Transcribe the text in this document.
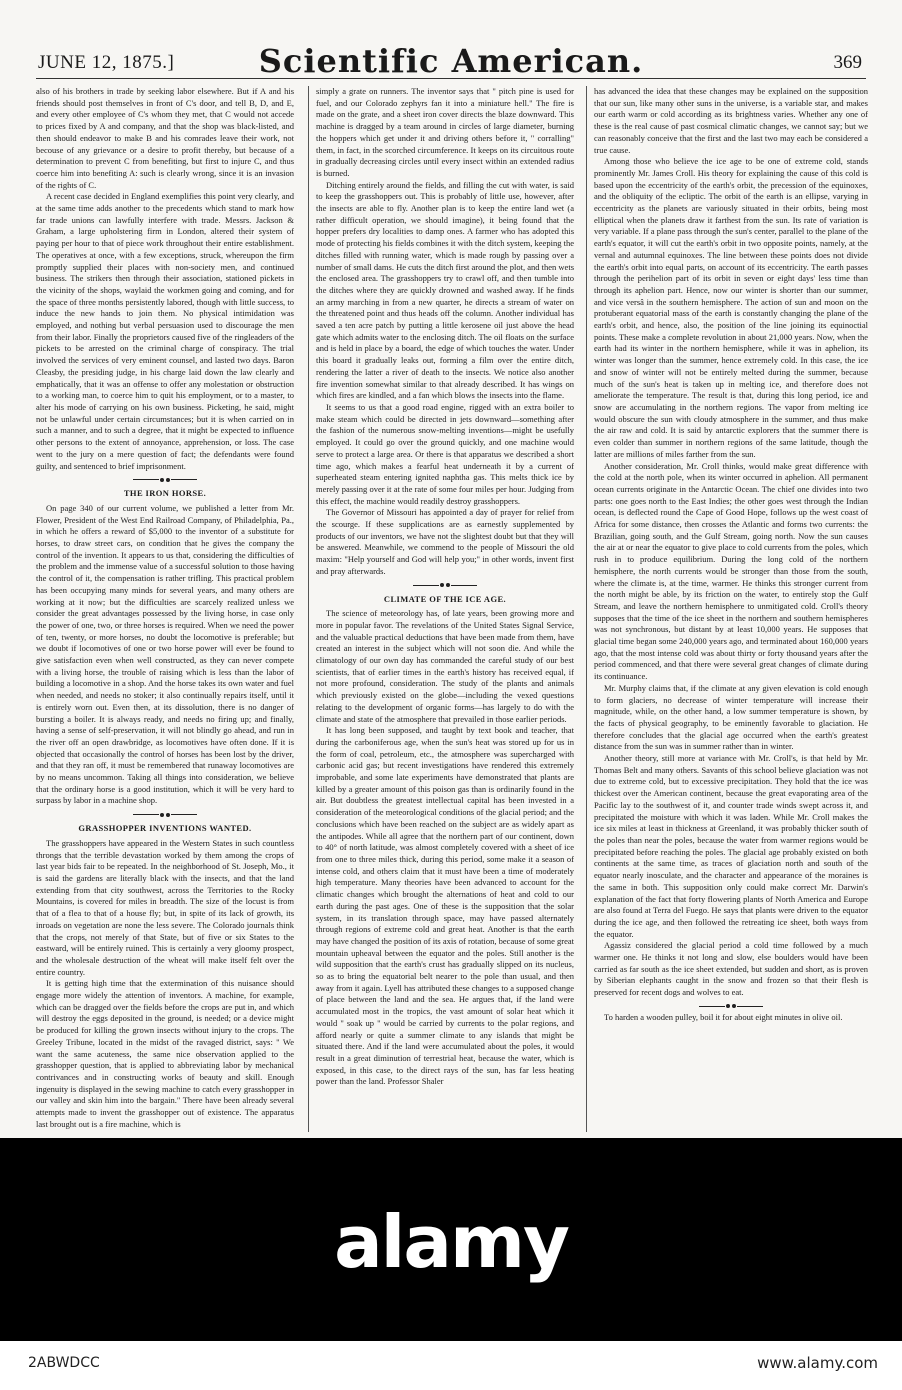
JUNE 12, 1875.]	Scientific American.	369

also of his brothers in trade by seeking labor elsewhere. But if A and his friends should post themselves in front of C's door, and tell B, D, and E, and every other employee of C's whom they met, that C would not accede to prices fixed by A and company, and that the shop was black-listed, and then should endeavor to make B and his comrades leave their work, not becouse of any grievance or a desire to profit thereby, but because of a determination to prevent C from benefiting, but first to injure C, and thus coerce him into benefiting A: such is clearly wrong, since it is an invasion of the rights of C.

A recent case decided in England exemplifies this point very clearly, and at the same time adds another to the precedents which stand to mark how far trade unions can lawfully interfere with trade. Messrs. Jackson & Graham, a large upholstering firm in London, altered their system of paying per hour to that of piece work throughout their entire establishment. The operatives at once, with a few exceptions, struck, whereupon the firm promptly supplied their places with non-society men, and continued business. The strikers then through their association, stationed pickets in the vicinity of the shops, waylaid the workmen going and coming, and for the space of three months persistently labored, though with little success, to induce the new hands to join them. No physical intimidation was employed, and nothing but verbal persuasion used to discourage the men from their labor. Finally the proprietors caused five of the ringleaders of the pickets to be arrested on the criminal charge of conspiracy. The trial involved the services of very eminent counsel, and lasted two days. Baron Cleasby, the presiding judge, in his charge laid down the law clearly and emphatically, that it was an offense to offer any molestation or obstruction to a working man, to coerce him to quit his employment, or to a master, to alter his mode of carrying on his own business. Picketing, he said, might not be unlawful under certain circumstances; but it is when carried on in such a manner, and to such a degree, that it might be expected to influence other persons to the extent of annoyance, apprehension, or loss. The case went to the jury on a mere question of fact; the defendants were found guilty, and sentenced to brief imprisonment.

THE IRON HORSE.

On page 340 of our current volume, we published a letter from Mr. Flower, President of the West End Railroad Company, of Philadelphia, Pa., in which he offers a reward of $5,000 to the inventor of a substitute for horses, to draw street cars, on condition that he gives the company the control of the invention. It appears to us that, considering the difficulties of the problem and the immense value of a successful solution to those having the control of it, the compensation is rather trifling. This practical problem has been occupying many minds for several years, and many others are working at it now; but the difficulties are scarcely realized unless we consider the great advantages possessed by the living horse, in case only the power of one, two, or three horses is required. When we need the power of ten, twenty, or more horses, no doubt the locomotive is preferable; but we doubt if locomotives of one or two horse power will ever be found to give satisfaction even when well constructed, as they can never compete with a living horse, the trouble of raising which is less than the labor of building a locomotive in a shop. And the horse takes its own water and fuel when needed, and needs no stoker; it also continually repairs itself, until it is entirely worn out. Even then, at its dissolution, there is no danger of bursting a boiler. It is always ready, and needs no firing up; and finally, having a sense of self-preservation, it will not blindly go ahead, and run in the river off an open drawbridge, as locomotives have often done. If it is objected that occasionally the control of horses has been lost by the driver, and that they ran off, it must be remembered that runaway locomotives are by no means uncommon. Taking all things into consideration, we believe that the ordinary horse is a good institution, which it will be very hard to surpass by labor in a machine shop.

GRASSHOPPER INVENTIONS WANTED.

The grasshoppers have appeared in the Western States in such countless throngs that the terrible devastation worked by them among the crops of last year bids fair to be repeated. In the neighborhood of St. Joseph, Mo., it is said the gardens are literally black with the insects, and that the land extending from that city southwest, across the Territories to the Rocky Mountains, is covered for miles in breadth. The size of the locust is from that of a flea to that of a house fly; but, in spite of its lack of growth, its inroads on vegetation are none the less severe. The Colorado journals think that the crops, not merely of that State, but of five or six States to the eastward, will be entirely ruined. This is certainly a very gloomy prospect, and the wholesale destruction of the wheat will make itself felt over the entire country.

It is getting high time that the extermination of this nuisance should engage more widely the attention of inventors. A machine, for example, which can be dragged over the fields before the crops are put in, and which will destroy the eggs deposited in the ground, is needed; or a device might be produced for killing the grown insects without injury to the crops. The Greeley Tribune, located in the midst of the ravaged district, says: " We want the same acuteness, the same nice observation applied to the grasshopper question, that is applied to abbreviating labor by mechanical contrivances and in constructing works of beauty and skill. Enough ingenuity is displayed in the sewing machine to catch every grasshopper in our valley and skin him into the bargain." There have been already several attempts made to invent the grasshopper out of existence. The apparatus last brought out is a fire machine, which is

simply a grate on runners. The inventor says that " pitch pine is used for fuel, and our Colorado zephyrs fan it into a miniature hell." The fire is made on the grate, and a sheet iron cover directs the blaze downward. This machine is dragged by a team around in circles of large diameter, burning the hoppers which get under it and driving others before it, " corralling" them, in fact, in the scorched circumference. It keeps on its circuitous route in gradually decreasing circles until every insect within an extended radius is burned.

Ditching entirely around the fields, and filling the cut with water, is said to keep the grasshoppers out. This is probably of little use, however, after the insects are able to fly. Another plan is to keep the entire land wet (a rather difficult operation, we should imagine), it being found that the hopper prefers dry localities to damp ones. A farmer who has adopted this mode of protecting his fields combines it with the ditch system, keeping the ditches filled with running water, which is made rough by passing over a number of small dams. He cuts the ditch first around the plot, and then wets the enclosed area. The grasshoppers try to crawl off, and then tumble into the ditches where they are quickly drowned and washed away. If he finds an army marching in from a new quarter, he directs a stream of water on the threatened point and thus heads off the column. Another individual has saved a ten acre patch by putting a little kerosene oil just above the head gate which admits water to the enclosing ditch. The oil floats on the surface and is held in place by a board, the edge of which touches the water. Under this board it gradually leaks out, forming a film over the entire ditch, rendering the latter a river of death to the insects. We notice also another fire invention somewhat similar to that already described. It has wings on which fires are kindled, and a fan which blows the insects into the flame.

It seems to us that a good road engine, rigged with an extra boiler to make steam which could be directed in jets downward—something after the fashion of the numerous snow-melting inventions—might be usefully employed. It could go over the ground quickly, and one machine would serve to protect a large area. Or there is that apparatus we described a short time ago, which makes a fearful heat underneath it by a current of superheated steam entering ignited naphtha gas. This melts thick ice by merely passing over it at the rate of some four miles per hour. Judging from this effect, the machine would readily destroy grasshoppers.

The Governor of Missouri has appointed a day of prayer for relief from the scourge. If these supplications are as earnestly supplemented by products of our inventors, we have not the slightest doubt but that they will be answered. Meanwhile, we commend to the people of Missouri the old maxim: "Help yourself and God will help you;" in other words, invent first and pray afterwards.

CLIMATE OF THE ICE AGE.

The science of meteorology has, of late years, been growing more and more in popular favor. The revelations of the United States Signal Service, and the valuable practical deductions that have been made from them, have created an interest in the subject which will not soon die. And while the climatology of our own day has commanded the careful study of our best scientists, that of earlier times in the earth's history has received equal, if not more profound, consideration. The study of the plants and animals which previously existed on the globe—including the vexed questions relating to the development of organic forms—has largely to do with the climate and state of the atmosphere that prevailed in those earlier periods.

It has long been supposed, and taught by text book and teacher, that during the carboniferous age, when the sun's heat was stored up for us in the form of coal, petroleum, etc., the atmosphere was supercharged with carbonic acid gas; but recent investigations have rendered this extremely improbable, and some late experiments have demonstrated that plants are killed by a greater amount of this poison gas than is ordinarily found in the air. But doubtless the greatest intellectual capital has been invested in a consideration of the meteorological conditions of the glacial period; and the conclusions which have been reached on the subject are as widely apart as the antipodes. While all agree that the northern part of our continent, down to 40° of north latitude, was almost completely covered with a sheet of ice from one to three miles thick, during this period, some make it a season of intense cold, and others claim that it must have been a time of moderately high temperature. Many theories have been advanced to account for the climatic changes which brought the alternations of heat and cold to our earth during the past ages. One of these is the supposition that the solar system, in its translation through space, may have passed alternately through regions of extreme cold and great heat. Another is that the earth may have changed the position of its axis of rotation, because of some great mountain upheaval between the equator and the poles. Still another is the wild supposition that the earth's crust has gradually slipped on its nucleus, so as to bring the equatorial belt nearer to the pole than usual, and then away from it again. Lyell has attributed these changes to a supposed change of place between the land and the sea. He argues that, if the land were accumulated most in the tropics, the vast amount of solar heat which it would " soak up " would be carried by currents to the polar regions, and afford nearly or quite a summer climate to any islands that might be situated there. And if the land were accumulated about the poles, it would result in a great diminution of terrestrial heat, because the water, which is exposed, in this case, to the direct rays of the sun, has far less heating power than the land. Professor Shaler

has advanced the idea that these changes may be explained on the supposition that our sun, like many other suns in the universe, is a variable star, and makes our earth warm or cold according as its brightness varies. Whether any one of these is the real cause of past cosmical climatic changes, we cannot say; but we can reasonably conceive that the first and the last two may each be considered a true cause.

Among those who believe the ice age to be one of extreme cold, stands prominently Mr. James Croll. His theory for explaining the cause of this cold is based upon the eccentricity of the earth's orbit, the precession of the equinoxes, and the obliquity of the ecliptic. The orbit of the earth is an ellipse, varying in eccentricity as the planets are variously situated in their orbits, being most elliptical when the planets draw it farthest from the sun. Its rate of variation is very variable. If a plane pass through the sun's center, parallel to the plane of the earth's equator, it will cut the earth's orbit in two opposite points, namely, at the vernal and autumnal equinoxes. The line between these points does not divide the earth's orbit into equal parts, on account of its eccentricity. The earth passes through the perihelion part of its orbit in seven or eight days' less time than through its aphelion part. Hence, now our winter is shorter than our summer, and vice versâ in the southern hemisphere. The action of sun and moon on the protuberant equatorial mass of the earth is constantly changing the plane of the earth's orbit, and hence, also, the position of the line joining its equinoctial points. These make a complete revolution in about 21,000 years. Now, when the earth had its winter in the northern hemisphere, while it was in aphelion, its winter was longer than the summer, hence extremely cold. In this case, the ice and snow of winter will not be entirely melted during the summer, because much of the sun's heat is taken up in melting ice, and therefore does not ameliorate the temperature. The result is that, during this long period, ice and snow are accumulating in the northern regions. The vapor from melting ice would obscure the sun with cloudy atmosphere in the summer, and thus make the air raw and cold. It is said by antarctic explorers that the summer there is even colder than summer in northern regions of the same latitude, though the latter are millions of miles farther from the sun.

Another consideration, Mr. Croll thinks, would make great difference with the cold at the north pole, when its winter occurred in aphelion. All permanent ocean currents originate in the Antarctic Ocean. The chief one divides into two parts: one goes north to the East Indies; the other goes west through the Indian ocean, is deflected round the Cape of Good Hope, follows up the west coast of Africa for some distance, then crosses the Atlantic and forms two currents: the Brazilian, going south, and the Gulf Stream, going north. Now the sun causes the air at or near the equator to give place to cold currents from the poles, which rush in to produce equilibrium. During the long cold of the northern hemisphere, the north currents would be stronger than those from the south, where the climate is, at the time, warmer. He thinks this stronger current from the north might be able, by its friction on the water, to entirely stop the Gulf Stream, and leave the northern hemisphere to unmitigated cold. Croll's theory supposes that the time of the ice sheet in the northern and southern hemispheres was not synchronous, but distant by at least 10,000 years. He supposes that glacial time began some 240,000 years ago, and terminated about 160,000 years ago, that the most intense cold was about thirty or forty thousand years after the period commenced, and that there were several great changes of climate during its continuance.

Mr. Murphy claims that, if the climate at any given elevation is cold enough to form glaciers, no decrease of winter temperature will increase their magnitude, while, on the other hand, a low summer temperature is shown, by the facts of physical geography, to be eminently favorable to glaciation. He therefore concludes that the glacial age occurred when the earth's greatest distance from the sun was in summer rather than in winter.

Another theory, still more at variance with Mr. Croll's, is that held by Mr. Thomas Belt and many others. Savants of this school believe glaciation was not due to extreme cold, but to excessive precipitation. They hold that the ice was thickest over the American continent, because the great evaporating area of the Pacific lay to the southwest of it, and counter trade winds swept across it, and precipitated the moisture with which it was laden. While Mr. Croll makes the ice six miles at least in thickness at Greenland, it was probably thicker south of the poles than near the poles, because the water from warmer regions would be precipitated before reaching the poles. The glacial age probably existed on both continents at the same time, as traces of glaciation north and south of the equator nearly inosculate, and the character and appearance of the moraines is the same in both. This supposition only could make correct Mr. Darwin's explanation of the fact that forty flowering plants of North America and Europe are also found at Terra del Fuego. He says that plants were driven to the equator during the ice age, and then followed the retreating ice sheet, both ways from the equator.

Agassiz considered the glacial period a cold time followed by a much warmer one. He thinks it not long and slow, else boulders would have been carried as far south as the ice sheet extended, but sudden and short, as is proven by Siberian elephants caught in the snow and frozen so that their flesh is preserved for recent dogs and wolves to eat.

To harden a wooden pulley, boil it for about eight minutes in olive oil.

alamy
2ABWDCC	www.alamy.com
